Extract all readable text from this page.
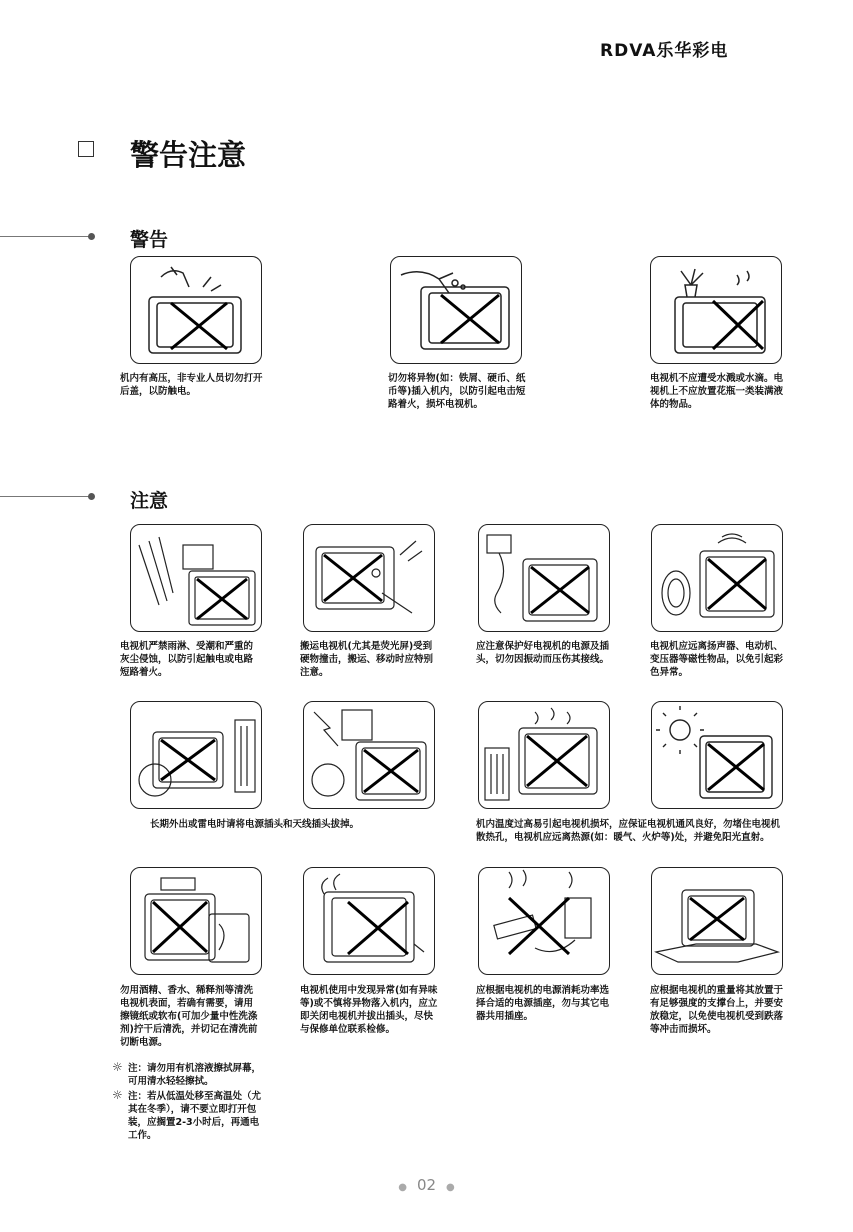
RDVA乐华彩电
警告注意
警告
机内有高压，非专业人员切勿打开后盖，以防触电。
切勿将异物(如：铁屑、硬币、纸币等)插入机内，以防引起电击短路着火，损坏电视机。
电视机不应遭受水溅或水滴。电视机上不应放置花瓶一类装满液体的物品。
注意
电视机严禁雨淋、受潮和严重的灰尘侵蚀，以防引起触电或电路短路着火。
搬运电视机(尤其是荧光屏)受到硬物撞击，搬运、移动时应特别注意。
应注意保护好电视机的电源及插头，切勿因振动而压伤其接线。
电视机应远离扬声器、电动机、变压器等磁性物品，以免引起彩色异常。
长期外出或雷电时请将电源插头和天线插头拔掉。	机内温度过高易引起电视机损坏，应保证电视机通风良好，勿堵住电视机散热孔，电视机应远离热源(如：暖气、火炉等)处，并避免阳光直射。
勿用酒精、香水、稀释剂等清洗电视机表面，若确有需要，请用擦镜纸或软布(可加少量中性洗涤剂)拧干后清洗，并切记在清洗前切断电源。
电视机使用中发现异常(如有异味等)或不慎将异物落入机内，应立即关闭电视机并拔出插头，尽快与保修单位联系检修。
应根据电视机的电源消耗功率选择合适的电源插座，勿与其它电器共用插座。
应根据电视机的重量将其放置于有足够强度的支撑台上，并要安放稳定，以免使电视机受到跌落等冲击而损坏。
☼ 注：请勿用有机溶液擦拭屏幕，可用清水轻轻擦拭。
☼ 注：若从低温处移至高温处（尤其在冬季），请不要立即打开包装，应搁置2-3小时后，再通电工作。
● 02 ●
